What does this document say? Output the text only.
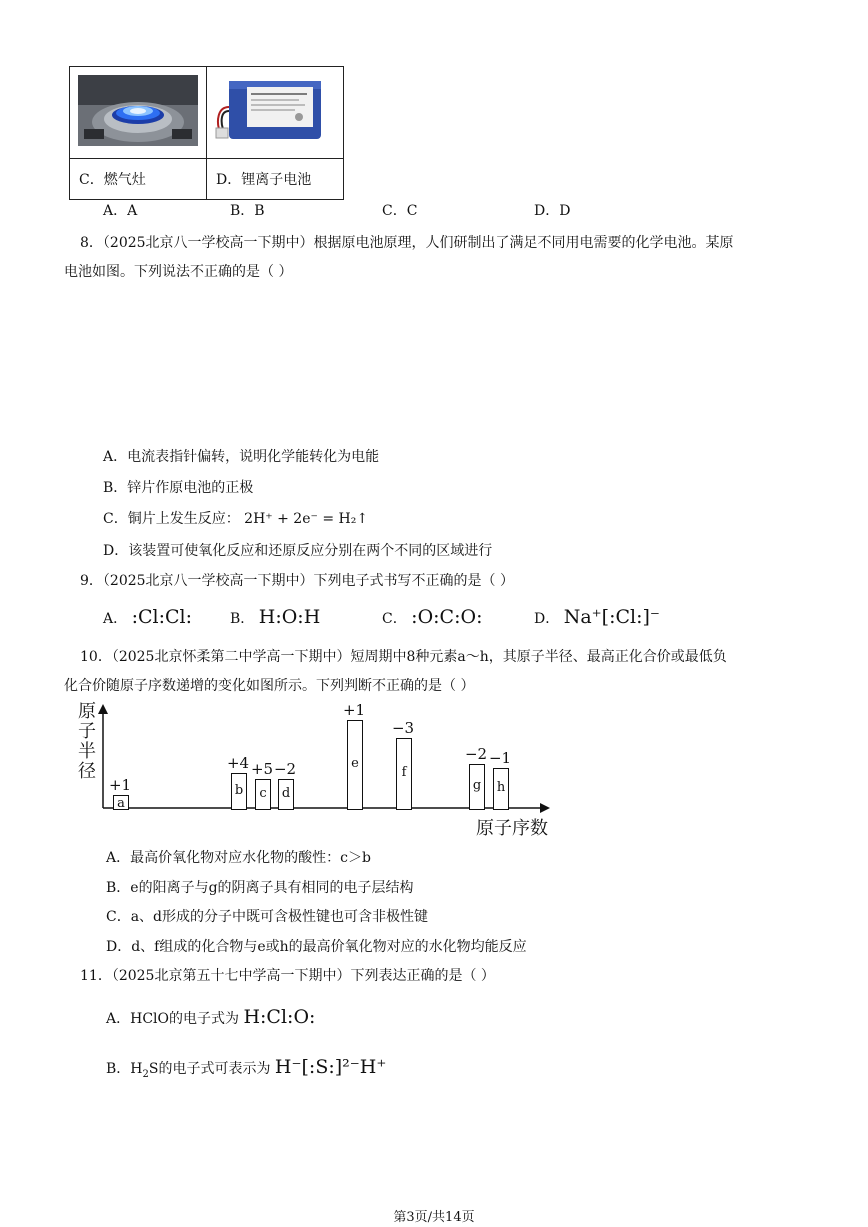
C．燃气灶	D．锂离子电池
A．A	B．B	C．C	D．D
8．（2025北京八一学校高一下期中）根据原电池原理，人们研制出了满足不同用电需要的化学电池。某原
电池如图。下列说法不正确的是（ ）
A．电流表指针偏转，说明化学能转化为电能
B．锌片作原电池的正极
C．铜片上发生反应： 2H⁺ + 2e⁻ = H₂↑
D．该装置可使氧化反应和还原反应分别在两个不同的区域进行
9．（2025北京八一学校高一下期中）下列电子式书写不正确的是（ ）
A． :Cl:Cl:	B． H:O:H	C． :O:C:O:	D． Na⁺[:Cl:]⁻
10．（2025北京怀柔第二中学高一下期中）短周期中8种元素a～h，其原子半径、最高正化合价或最低负
化合价随原子序数递增的变化如图所示。下列判断不正确的是（ ）
原子半径
a
+1	b
+4
c
+5
d
−2	e
+1
f
−3
g
−2
h
−1
原子序数
A．最高价氧化物对应水化物的酸性：c＞b
B．e的阳离子与g的阴离子具有相同的电子层结构
C．a、d形成的分子中既可含极性键也可含非极性键
D．d、f组成的化合物与e或h的最高价氧化物对应的水化物均能反应
11．（2025北京第五十七中学高一下期中）下列表达正确的是（ ）
A．HClO的电子式为 H:Cl:O:
B．$H_2S$的电子式可表示为 H⁻[:S:]²⁻H⁺
第3页/共14页
